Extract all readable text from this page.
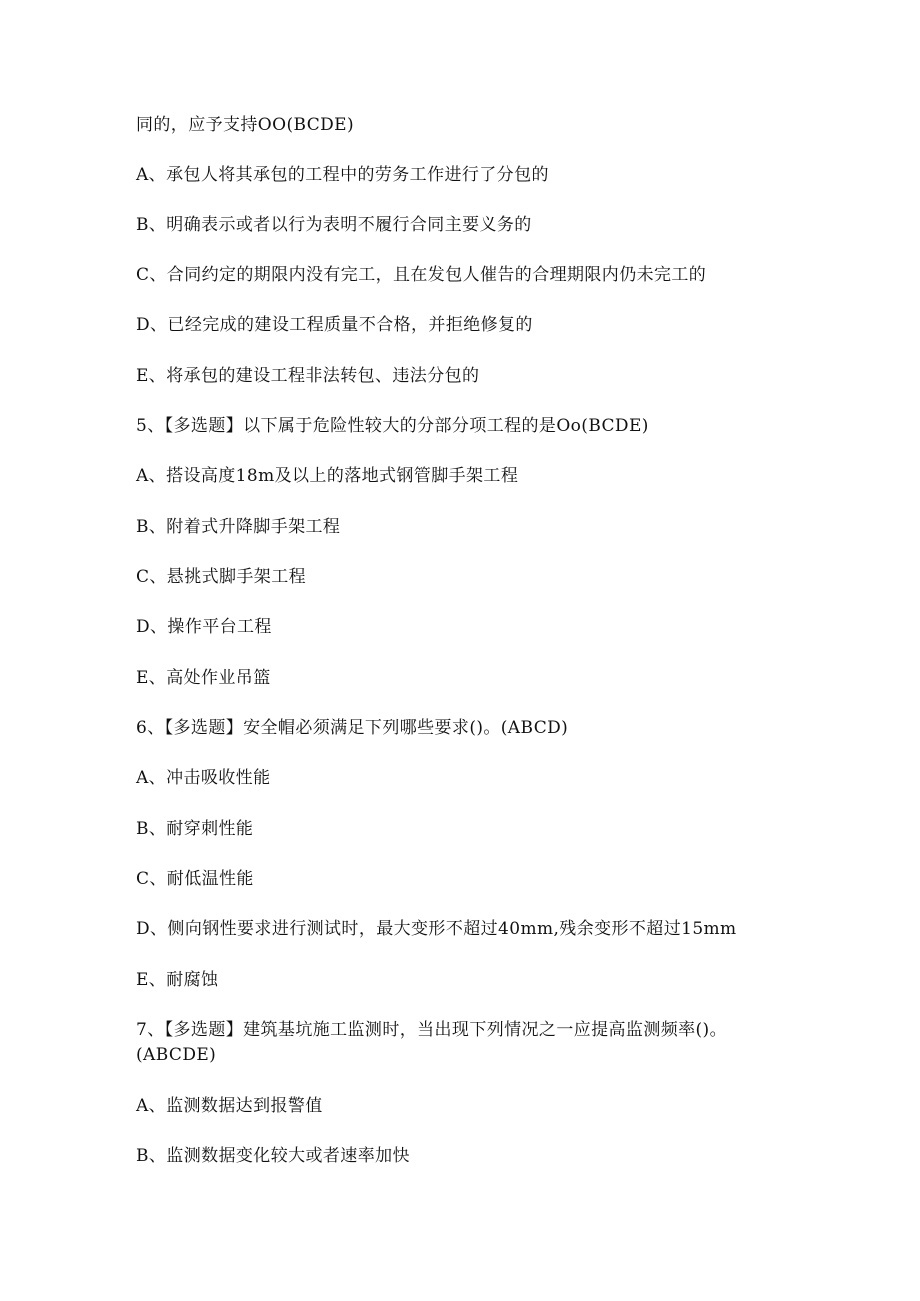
同的，应予支持OO(BCDE)
A、承包人将其承包的工程中的劳务工作进行了分包的
B、明确表示或者以行为表明不履行合同主要义务的
C、合同约定的期限内没有完工，且在发包人催告的合理期限内仍未完工的
D、已经完成的建设工程质量不合格，并拒绝修复的
E、将承包的建设工程非法转包、违法分包的
5、【多选题】以下属于危险性较大的分部分项工程的是Oo(BCDE)
A、搭设高度18m及以上的落地式钢管脚手架工程
B、附着式升降脚手架工程
C、悬挑式脚手架工程
D、操作平台工程
E、高处作业吊篮
6、【多选题】安全帽必须满足下列哪些要求()。(ABCD)
A、冲击吸收性能
B、耐穿刺性能
C、耐低温性能
D、侧向钢性要求进行测试时，最大变形不超过40mm,残余变形不超过15mm
E、耐腐蚀
7、【多选题】建筑基坑施工监测时，当出现下列情况之一应提高监测频率()。
(ABCDE)
A、监测数据达到报警值
B、监测数据变化较大或者速率加快
